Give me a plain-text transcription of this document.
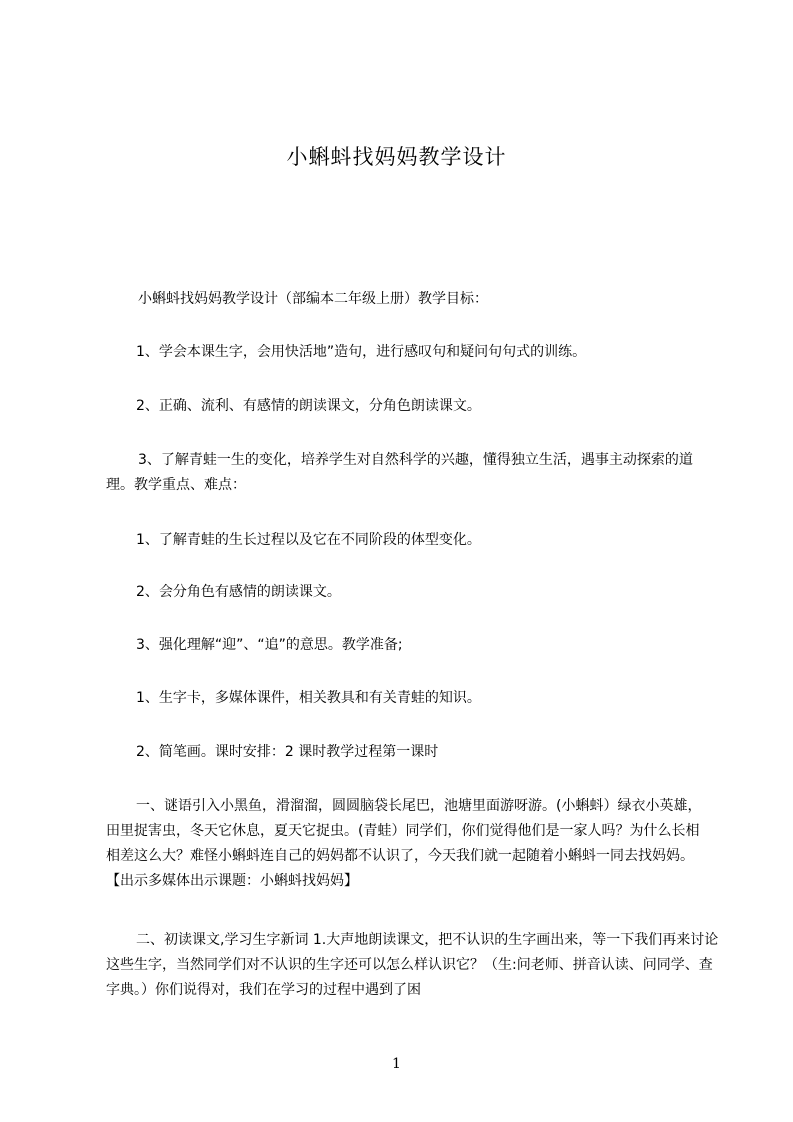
小蝌蚪找妈妈教学设计

小蝌蚪找妈妈教学设计（部编本二年级上册）教学目标：

1、学会本课生字，会用快活地”造句，进行感叹句和疑问句句式的训练。

2、正确、流利、有感情的朗读课文，分角色朗读课文。

3、了解青蛙一生的变化，培养学生对自然科学的兴趣，懂得独立生活，遇事主动探索的道理。教学重点、难点：

1、了解青蛙的生长过程以及它在不同阶段的体型变化。

2、会分角色有感情的朗读课文。

3、强化理解“迎”、“追”的意思。教学准备;

1、生字卡，多媒体课件，相关教具和有关青蛙的知识。

2、简笔画。课时安排：2 课时教学过程第一课时

一、谜语引入小黑鱼，滑溜溜，圆圆脑袋长尾巴，池塘里面游呀游。(小蝌蚪）绿衣小英雄，田里捉害虫，冬天它休息，夏天它捉虫。(青蛙）同学们，你们觉得他们是一家人吗？为什么长相相差这么大？难怪小蝌蚪连自己的妈妈都不认识了，今天我们就一起随着小蝌蚪一同去找妈妈。【出示多媒体出示课题：小蝌蚪找妈妈】

二、初读课文,学习生字新词 1.大声地朗读课文，把不认识的生字画出来，等一下我们再来讨论这些生字，当然同学们对不认识的生字还可以怎么样认识它？（生:问老师、拼音认读、问同学、查字典。）你们说得对，我们在学习的过程中遇到了困

1
